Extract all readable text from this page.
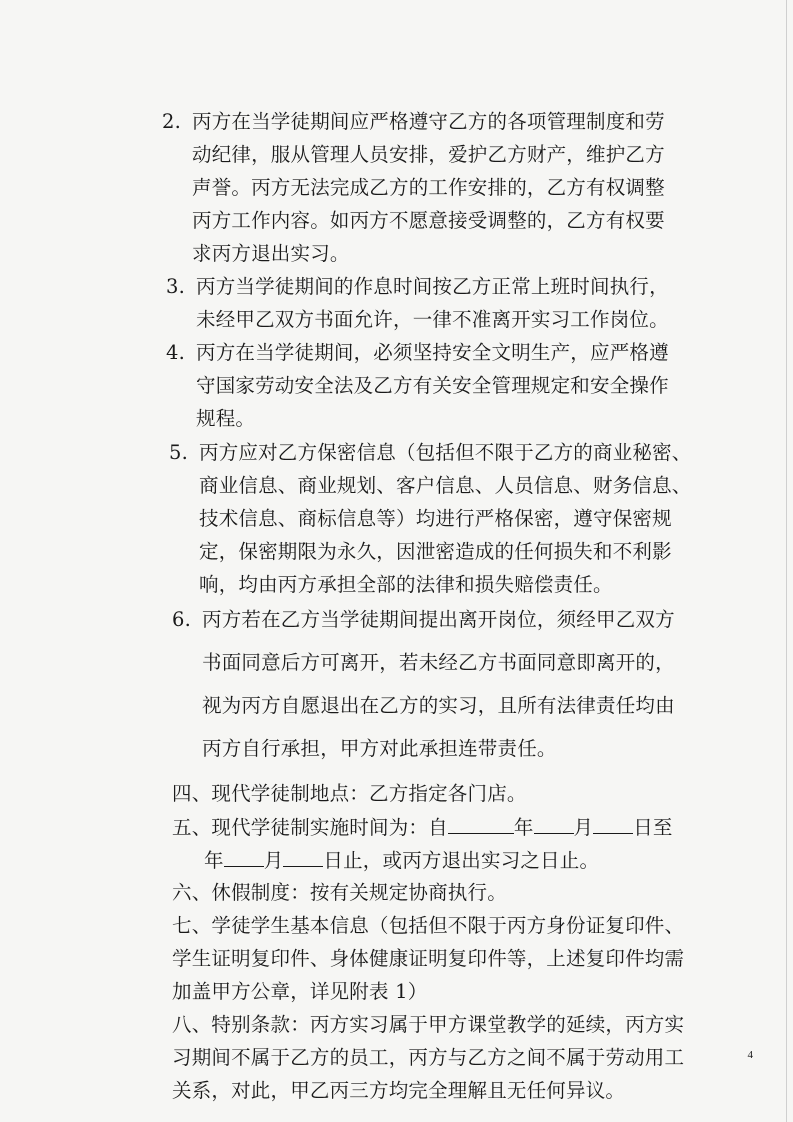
2. 丙方在当学徒期间应严格遵守乙方的各项管理制度和劳
动纪律，服从管理人员安排，爱护乙方财产，维护乙方
声誉。丙方无法完成乙方的工作安排的，乙方有权调整
丙方工作内容。如丙方不愿意接受调整的，乙方有权要
求丙方退出实习。
3. 丙方当学徒期间的作息时间按乙方正常上班时间执行，
未经甲乙双方书面允许，一律不准离开实习工作岗位。
4. 丙方在当学徒期间，必须坚持安全文明生产，应严格遵
守国家劳动安全法及乙方有关安全管理规定和安全操作
规程。
5. 丙方应对乙方保密信息（包括但不限于乙方的商业秘密、
商业信息、商业规划、客户信息、人员信息、财务信息、
技术信息、商标信息等）均进行严格保密，遵守保密规
定，保密期限为永久，因泄密造成的任何损失和不利影
响，均由丙方承担全部的法律和损失赔偿责任。
6. 丙方若在乙方当学徒期间提出离开岗位，须经甲乙双方
书面同意后方可离开，若未经乙方书面同意即离开的，
视为丙方自愿退出在乙方的实习，且所有法律责任均由
丙方自行承担，甲方对此承担连带责任。
四、现代学徒制地点：乙方指定各门店。
五、现代学徒制实施时间为：自	年 月 日至
年 月 日止，或丙方退出实习之日止。
六、休假制度：按有关规定协商执行。
七、学徒学生基本信息（包括但不限于丙方身份证复印件、
学生证明复印件、身体健康证明复印件等，上述复印件均需
加盖甲方公章，详见附表 1）
八、特别条款：丙方实习属于甲方课堂教学的延续，丙方实
习期间不属于乙方的员工，丙方与乙方之间不属于劳动用工
关系，对此，甲乙丙三方均完全理解且无任何异议。
4
